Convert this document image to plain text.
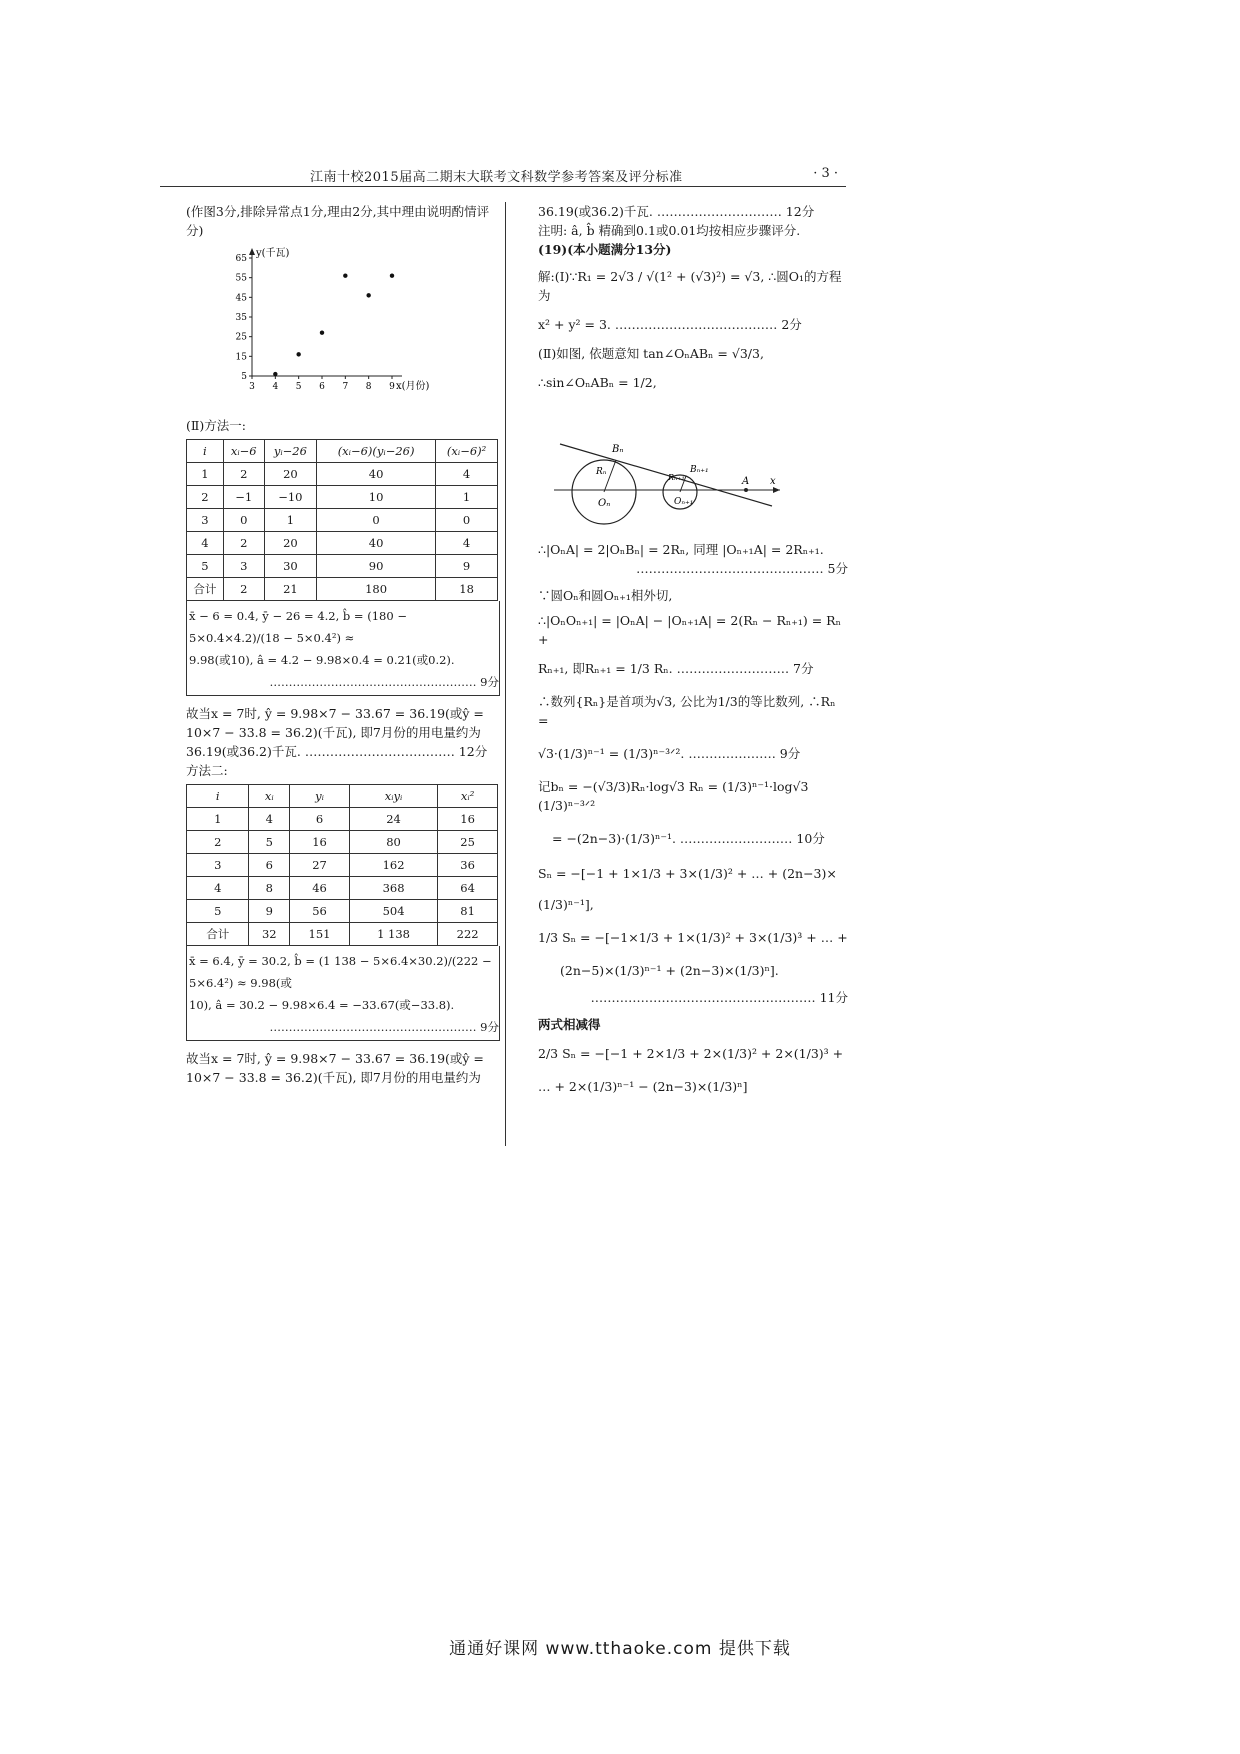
江南十校2015届高二期末大联考文科数学参考答案及评分标准	· 3 ·

(作图3分,排除异常点1分,理由2分,其中理由说明酌情评分)

5
15
25
35
45
55
65
3 4 5 6 7 8 9
y(千瓦)
x(月份)

(Ⅱ)方法一:

i	xᵢ−6	yᵢ−26	(xᵢ−6)(yᵢ−26)	(xᵢ−6)²
1	2	20	40	4
2	−1	−10	10	1
3	0	1	0	0
4	2	20	40	4
5	3	30	90	9
合计	2	21	180	18
x̄ − 6 = 0.4, ȳ − 26 = 4.2, b̂ = (180 − 5×0.4×4.2)/(18 − 5×0.4²) ≈
9.98(或10), â = 4.2 − 9.98×0.4 = 0.21(或0.2).
……………………………………………… 9分

故当x = 7时, ŷ = 9.98×7 − 33.67 = 36.19(或ŷ =

10×7 − 33.8 = 36.2)(千瓦), 即7月份的用电量约为

36.19(或36.2)千瓦. ……………………………… 12分

方法二:

i	xᵢ	yᵢ	xᵢyᵢ	xᵢ²
1	4	6	24	16
2	5	16	80	25
3	6	27	162	36
4	8	46	368	64
5	9	56	504	81
合计	32	151	1 138	222
x̄ = 6.4, ȳ = 30.2, b̂ = (1 138 − 5×6.4×30.2)/(222 − 5×6.4²) ≈ 9.98(或
10), â = 30.2 − 9.98×6.4 = −33.67(或−33.8).
……………………………………………… 9分

故当x = 7时, ŷ = 9.98×7 − 33.67 = 36.19(或ŷ =

10×7 − 33.8 = 36.2)(千瓦), 即7月份的用电量约为

36.19(或36.2)千瓦. ………………………… 12分

注明: â, b̂ 精确到0.1或0.01均按相应步骤评分.

(19)(本小题满分13分)

解:(Ⅰ)∵R₁ = 2√3 / √(1² + (√3)²) = √3, ∴圆O₁的方程为

x² + y² = 3. ………………………………… 2分

(Ⅱ)如图, 依题意知 tan∠OₙABₙ = √3/3,

∴sin∠OₙABₙ = 1/2,

Bₙ
Bₙ₊₁
Rₙ
Rₙ₊₁
Oₙ	Oₙ₊₁
A x

∴|OₙA| = 2|OₙBₙ| = 2Rₙ, 同理 |Oₙ₊₁A| = 2Rₙ₊₁.

……………………………………… 5分

∵圆Oₙ和圆Oₙ₊₁相外切,

∴|OₙOₙ₊₁| = |OₙA| − |Oₙ₊₁A| = 2(Rₙ − Rₙ₊₁) = Rₙ +

Rₙ₊₁, 即Rₙ₊₁ = 1/3 Rₙ. ……………………… 7分

∴数列{Rₙ}是首项为√3, 公比为1/3的等比数列, ∴Rₙ =

√3·(1/3)ⁿ⁻¹ = (1/3)ⁿ⁻³ᐟ². ………………… 9分

记bₙ = −(√3/3)Rₙ·log√3 Rₙ = (1/3)ⁿ⁻¹·log√3 (1/3)ⁿ⁻³ᐟ²

= −(2n−3)·(1/3)ⁿ⁻¹. ……………………… 10分

Sₙ = −[−1 + 1×1/3 + 3×(1/3)² + … + (2n−3)×

(1/3)ⁿ⁻¹],

1/3 Sₙ = −[−1×1/3 + 1×(1/3)² + 3×(1/3)³ + … +

(2n−5)×(1/3)ⁿ⁻¹ + (2n−3)×(1/3)ⁿ].

……………………………………………… 11分

两式相减得

2/3 Sₙ = −[−1 + 2×1/3 + 2×(1/3)² + 2×(1/3)³ +

… + 2×(1/3)ⁿ⁻¹ − (2n−3)×(1/3)ⁿ]

通通好课网 www.tthaoke.com 提供下载
